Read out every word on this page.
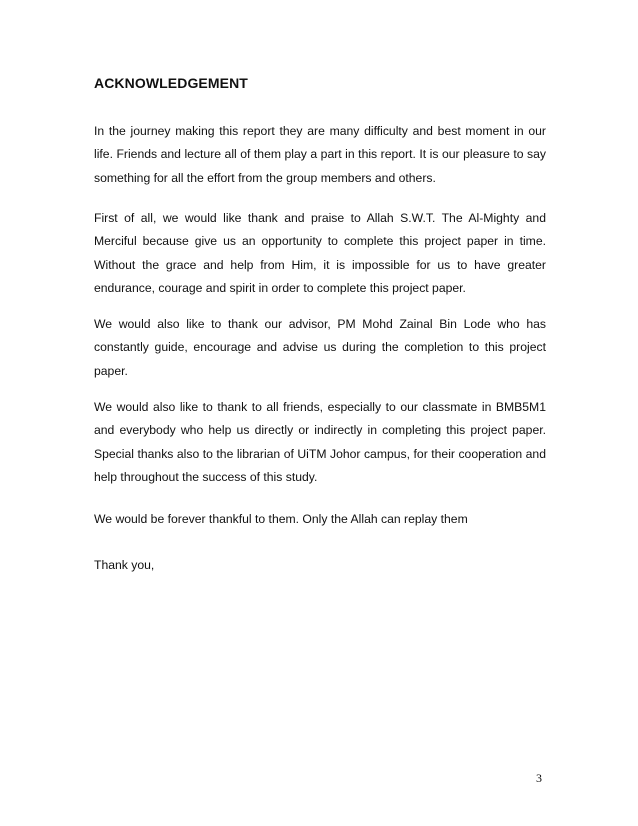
ACKNOWLEDGEMENT

In the journey making this report they are many difficulty and best moment in our life. Friends and lecture all of them play a part in this report. It is our pleasure to say something for all the effort from the group members and others.

First of all, we would like thank and praise to Allah S.W.T. The Al-Mighty and Merciful because give us an opportunity to complete this project paper in time. Without the grace and help from Him, it is impossible for us to have greater endurance, courage and spirit in order to complete this project paper.

We would also like to thank our advisor, PM Mohd Zainal Bin Lode who has constantly guide, encourage and advise us during the completion to this project paper.

We would also like to thank to all friends, especially to our classmate in BMB5M1 and everybody who help us directly or indirectly in completing this project paper. Special thanks also to the librarian of UiTM Johor campus, for their cooperation and help throughout the success of this study.

We would be forever thankful to them. Only the Allah can replay them

Thank you,

3
